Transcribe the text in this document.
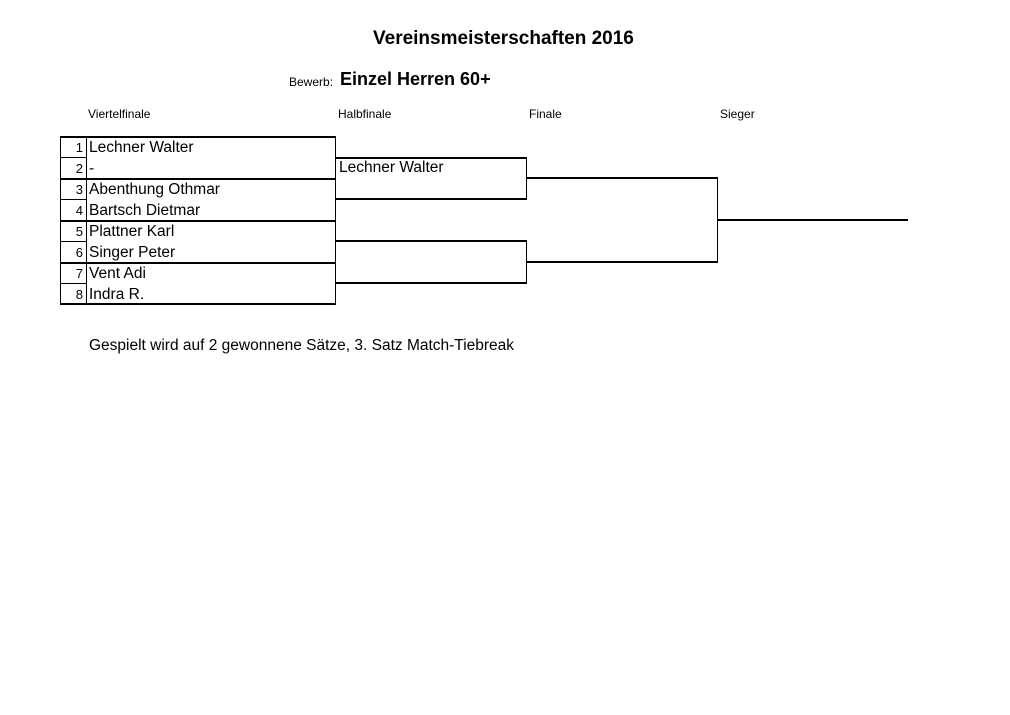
Vereinsmeisterschaften 2016
Bewerb: Einzel Herren 60+
Viertelfinale	Halbfinale	Finale	Sieger
1 Lechner Walter
2 -
3 Abenthung Othmar
4 Bartsch Dietmar
5 Plattner Karl
6 Singer Peter
7 Vent Adi
8 Indra R.
Lechner Walter
Gespielt wird auf 2 gewonnene Sätze, 3. Satz Match-Tiebreak
